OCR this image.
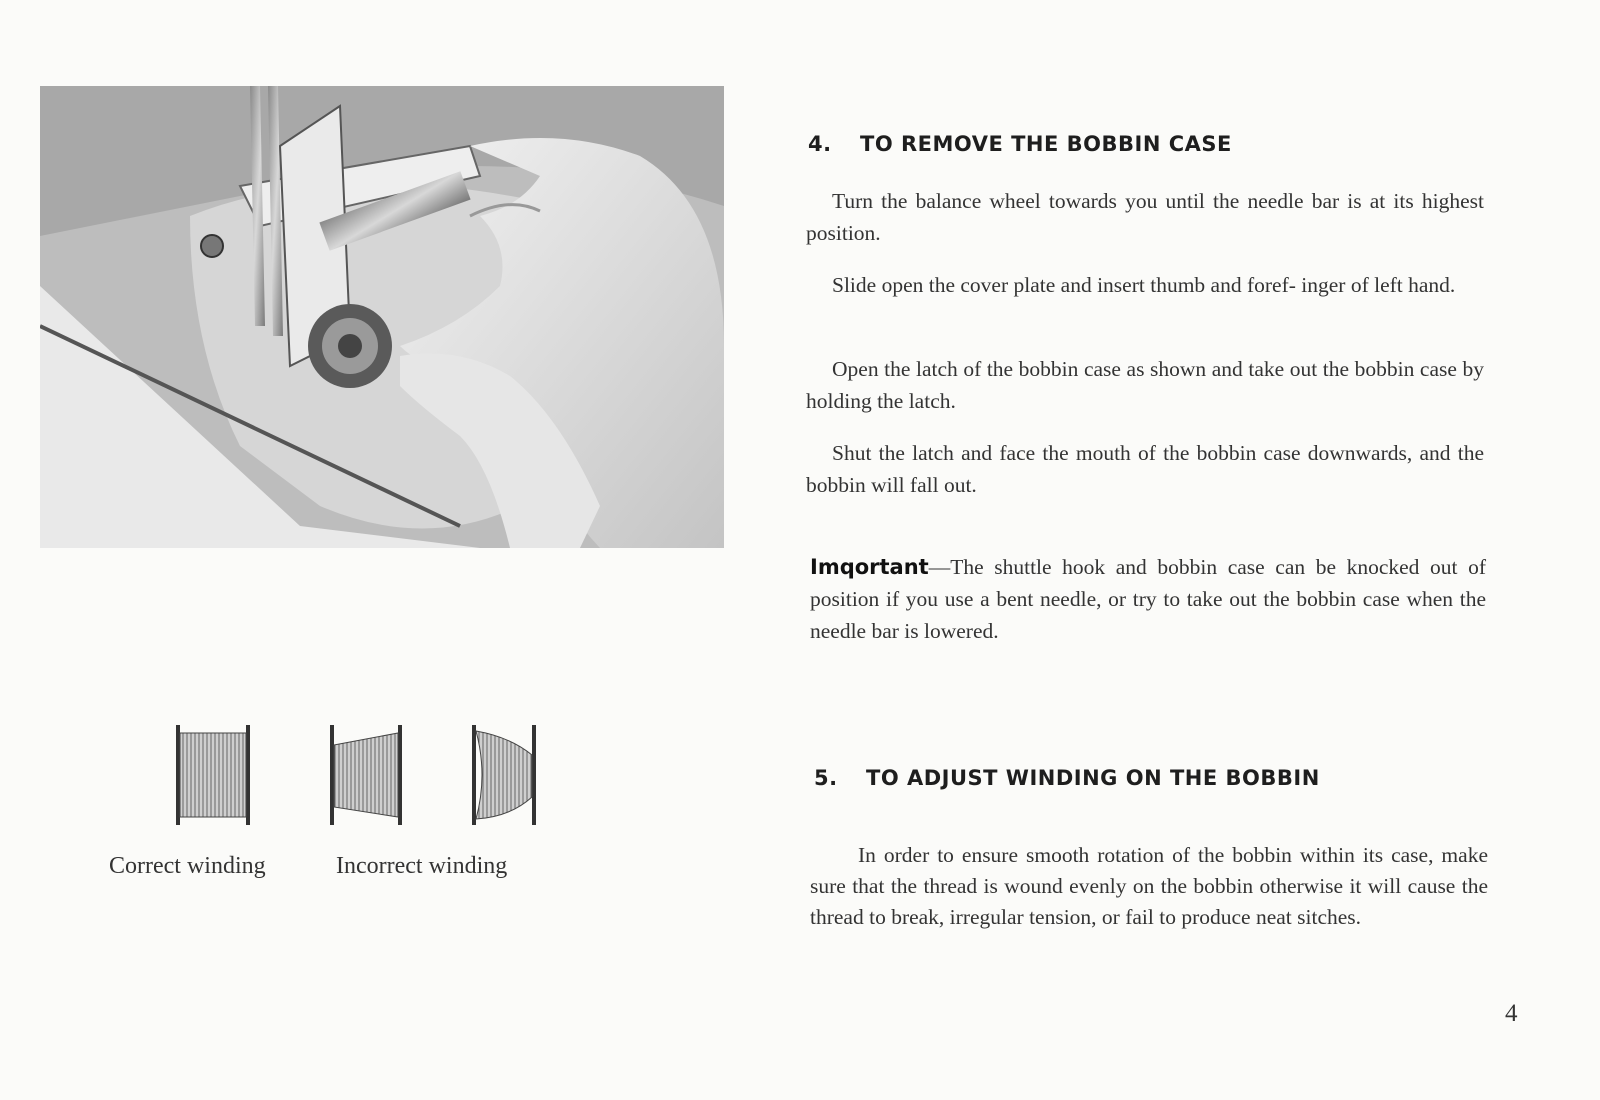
4. TO REMOVE THE BOBBIN CASE

Turn the balance wheel towards you until the needle bar is at its highest position.

Slide open the cover plate and insert thumb and foref- inger of left hand.

Open the latch of the bobbin case as shown and take out the bobbin case by holding the latch.

Shut the latch and face the mouth of the bobbin case downwards, and the bobbin will fall out.

Imqortant—The shuttle hook and bobbin case can be knocked out of position if you use a bent needle, or try to take out the bobbin case when the needle bar is lowered.
5. TO ADJUST WINDING ON THE BOBBIN

In order to ensure smooth rotation of the bobbin within its case, make sure that the thread is wound evenly on the bobbin otherwise it will cause the thread to break, irregular tension, or fail to produce neat sitches.

Correct winding	Incorrect winding
4
